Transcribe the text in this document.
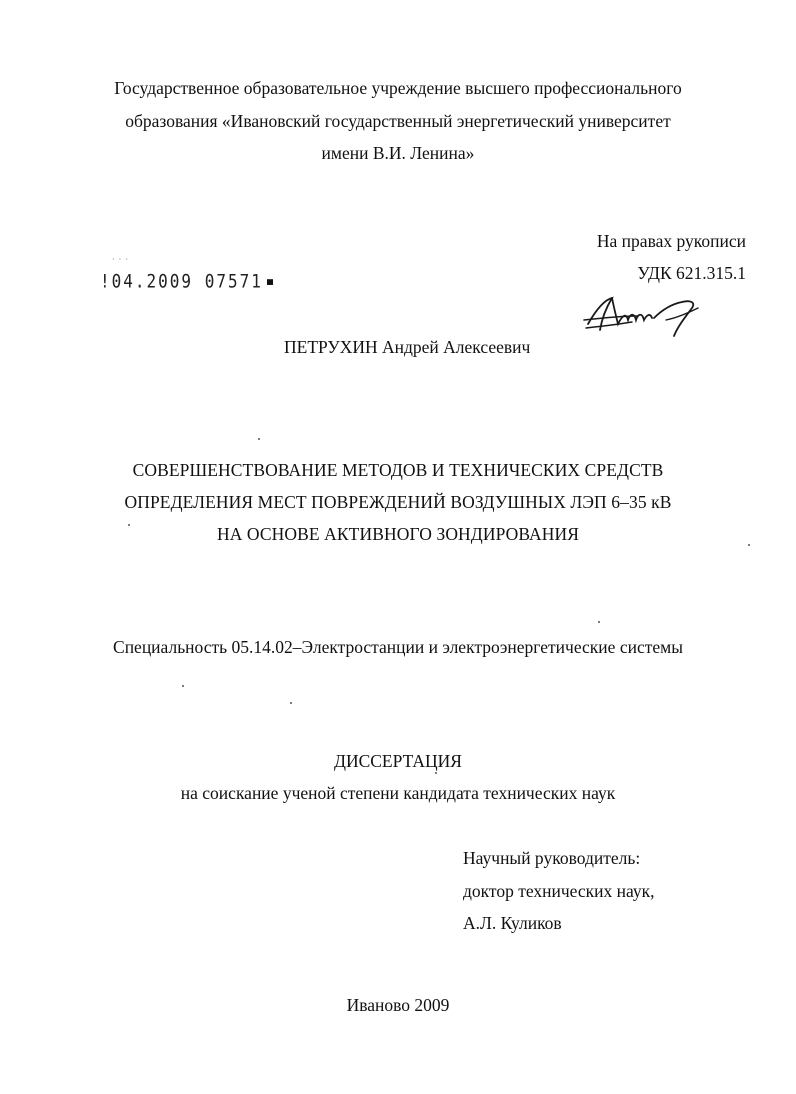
Государственное образовательное учреждение высшего профессионального
образования «Ивановский государственный энергетический университет
имени В.И. Ленина»
На правах рукописи
УДК 621.315.1
· · ·
!04.2009 07571
ПЕТРУХИН Андрей Алексеевич
СОВЕРШЕНСТВОВАНИЕ МЕТОДОВ И ТЕХНИЧЕСКИХ СРЕДСТВ
ОПРЕДЕЛЕНИЯ МЕСТ ПОВРЕЖДЕНИЙ ВОЗДУШНЫХ ЛЭП 6–35 кВ
НА ОСНОВЕ АКТИВНОГО ЗОНДИРОВАНИЯ
Специальность 05.14.02–Электростанции и электроэнергетические системы
ДИССЕРТАЦИЯ
на соискание ученой степени кандидата технических наук
Научный руководитель:
доктор технических наук,
А.Л. Куликов
Иваново 2009
